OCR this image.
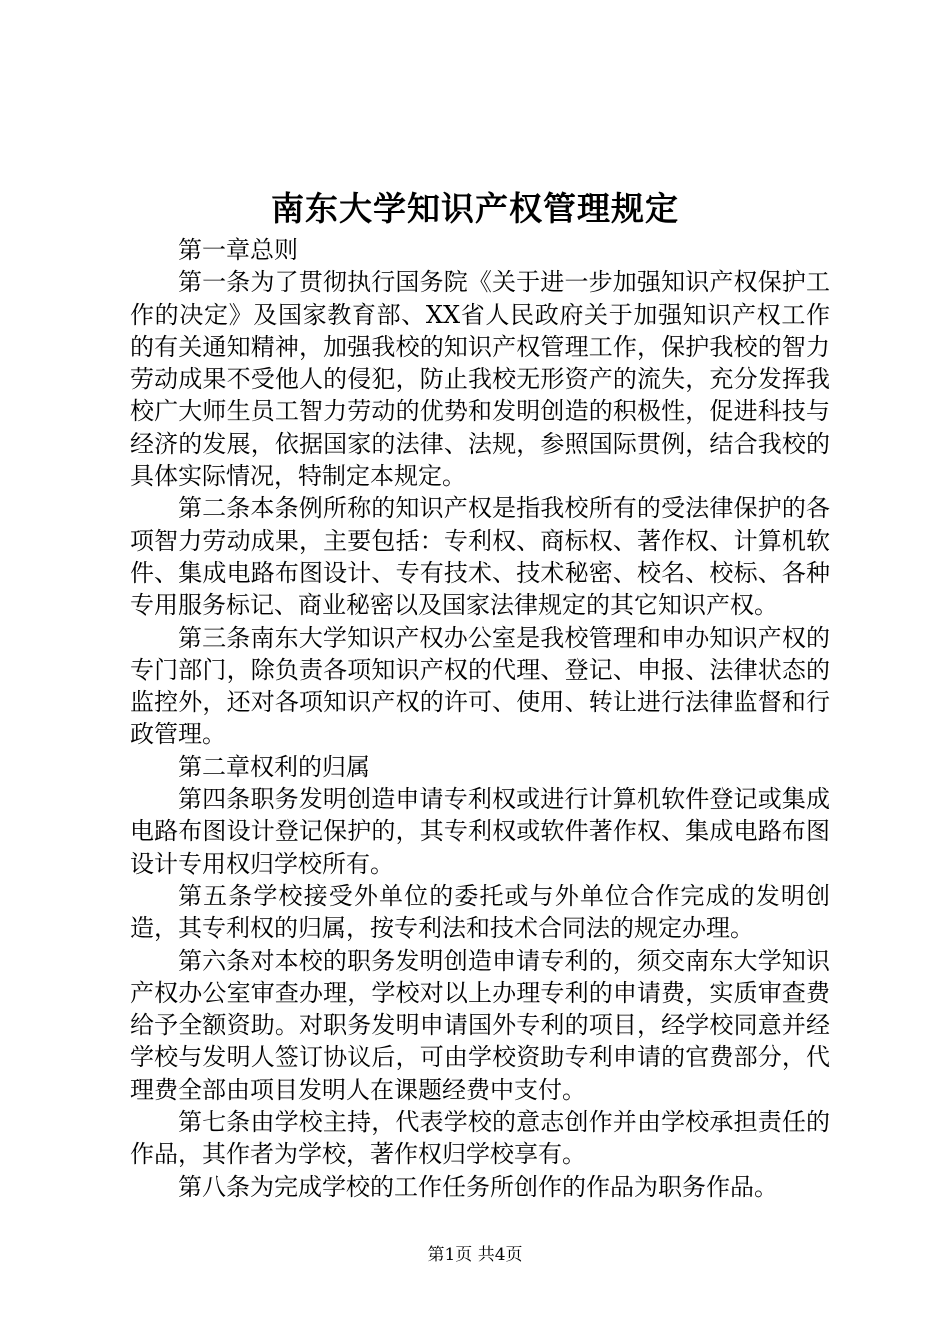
南东大学知识产权管理规定

第一章总则

第一条为了贯彻执行国务院《关于进一步加强知识产权保护工作的决定》及国家教育部、XX省人民政府关于加强知识产权工作的有关通知精神，加强我校的知识产权管理工作，保护我校的智力劳动成果不受他人的侵犯，防止我校无形资产的流失，充分发挥我校广大师生员工智力劳动的优势和发明创造的积极性，促进科技与经济的发展，依据国家的法律、法规，参照国际贯例，结合我校的具体实际情况，特制定本规定。

第二条本条例所称的知识产权是指我校所有的受法律保护的各项智力劳动成果，主要包括：专利权、商标权、著作权、计算机软件、集成电路布图设计、专有技术、技术秘密、校名、校标、各种专用服务标记、商业秘密以及国家法律规定的其它知识产权。

第三条南东大学知识产权办公室是我校管理和申办知识产权的专门部门，除负责各项知识产权的代理、登记、申报、法律状态的监控外，还对各项知识产权的许可、使用、转让进行法律监督和行政管理。

第二章权利的归属

第四条职务发明创造申请专利权或进行计算机软件登记或集成电路布图设计登记保护的，其专利权或软件著作权、集成电路布图设计专用权归学校所有。

第五条学校接受外单位的委托或与外单位合作完成的发明创造，其专利权的归属，按专利法和技术合同法的规定办理。

第六条对本校的职务发明创造申请专利的，须交南东大学知识产权办公室审查办理，学校对以上办理专利的申请费，实质审查费给予全额资助。对职务发明申请国外专利的项目，经学校同意并经学校与发明人签订协议后，可由学校资助专利申请的官费部分，代理费全部由项目发明人在课题经费中支付。

第七条由学校主持，代表学校的意志创作并由学校承担责任的作品，其作者为学校，著作权归学校享有。

第八条为完成学校的工作任务所创作的作品为职务作品。

第1页 共4页
